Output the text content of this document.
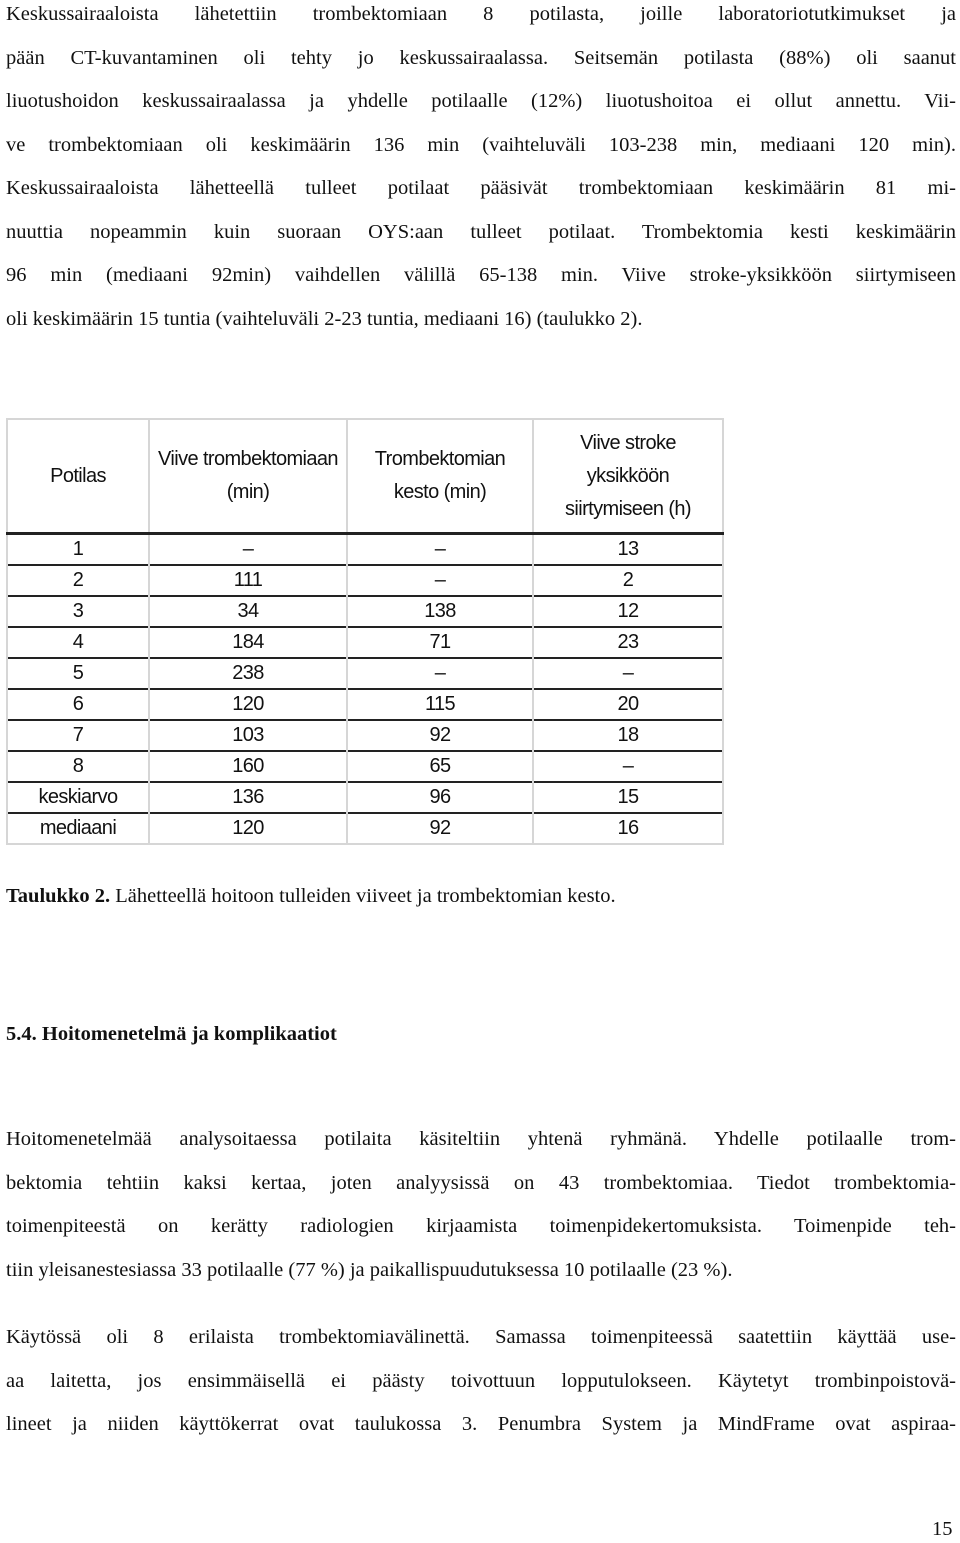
Keskussairaaloista lähetettiin trombektomiaan 8 potilasta, joille laboratoriotutkimukset ja
pään CT-kuvantaminen oli tehty jo keskussairaalassa. Seitsemän potilasta (88%) oli saanut
liuotushoidon keskussairaalassa ja yhdelle potilaalle (12%) liuotushoitoa ei ollut annettu. Vii-
ve trombektomiaan oli keskimäärin 136 min (vaihteluväli 103-238 min, mediaani 120 min).
Keskussairaaloista lähetteellä tulleet potilaat pääsivät trombektomiaan keskimäärin 81 mi-
nuuttia nopeammin kuin suoraan OYS:aan tulleet potilaat. Trombektomia kesti keskimäärin
96 min (mediaani 92min) vaihdellen välillä 65-138 min. Viive stroke-yksikköön siirtymiseen
oli keskimäärin 15 tuntia (vaihteluväli 2-23 tuntia, mediaani 16) (taulukko 2).
Potilas	Viive trombektomiaan (min)	Trombektomian kesto (min)	Viive stroke yksikköön siirtymiseen (h)
1	–	–	13
2	111	–	2
3	34	138	12
4	184	71	23
5	238	–	–
6	120	115	20
7	103	92	18
8	160	65	–
keskiarvo	136	96	15
mediaani	120	92	16

Taulukko 2. Lähetteellä hoitoon tulleiden viiveet ja trombektomian kesto.

5.4. Hoitomenetelmä ja komplikaatiot
Hoitomenetelmää analysoitaessa potilaita käsiteltiin yhtenä ryhmänä. Yhdelle potilaalle trom-
bektomia tehtiin kaksi kertaa, joten analyysissä on 43 trombektomiaa. Tiedot trombektomia-
toimenpiteestä on kerätty radiologien kirjaamista toimenpidekertomuksista. Toimenpide teh-
tiin yleisanestesiassa 33 potilaalle (77 %) ja paikallispuudutuksessa 10 potilaalle (23 %).
Käytössä oli 8 erilaista trombektomiavälinettä. Samassa toimenpiteessä saatettiin käyttää use-
aa laitetta, jos ensimmäisellä ei päästy toivottuun lopputulokseen. Käytetyt trombinpoistovä-
lineet ja niiden käyttökerrat ovat taulukossa 3. Penumbra System ja MindFrame ovat aspiraa-

15
